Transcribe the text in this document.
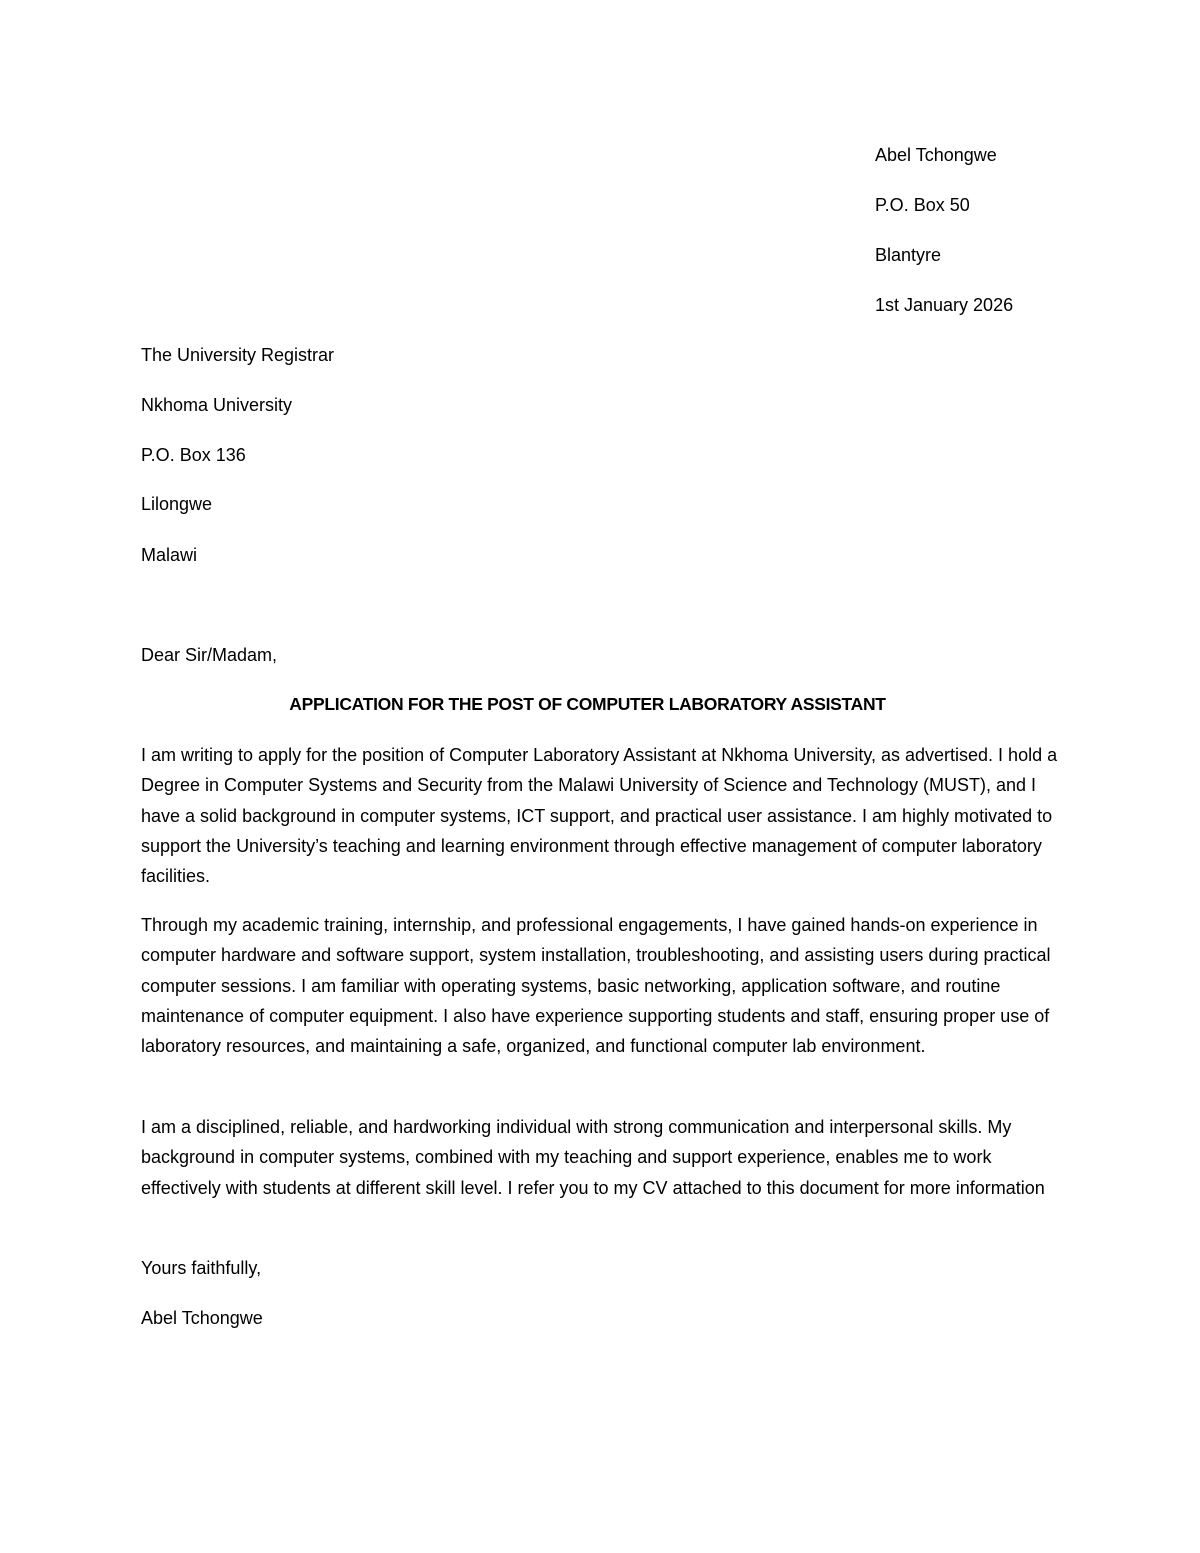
Abel Tchongwe
P.O. Box 50
Blantyre
1st January 2026
The University Registrar
Nkhoma University
P.O. Box 136
Lilongwe
Malawi
Dear Sir/Madam,
APPLICATION FOR THE POST OF COMPUTER LABORATORY ASSISTANT

I am writing to apply for the position of Computer Laboratory Assistant at Nkhoma University, as advertised. I hold a Degree in Computer Systems and Security from the Malawi University of Science and Technology (MUST), and I have a solid background in computer systems, ICT support, and practical user assistance. I am highly motivated to support the University’s teaching and learning environment through effective management of computer laboratory facilities.

Through my academic training, internship, and professional engagements, I have gained hands-on experience in computer hardware and software support, system installation, troubleshooting, and assisting users during practical computer sessions. I am familiar with operating systems, basic networking, application software, and routine maintenance of computer equipment. I also have experience supporting students and staff, ensuring proper use of laboratory resources, and maintaining a safe, organized, and functional computer lab environment.

I am a disciplined, reliable, and hardworking individual with strong communication and interpersonal skills. My background in computer systems, combined with my teaching and support experience, enables me to work effectively with students at different skill level. I refer you to my CV attached to this document for more information

Yours faithfully,
Abel Tchongwe
